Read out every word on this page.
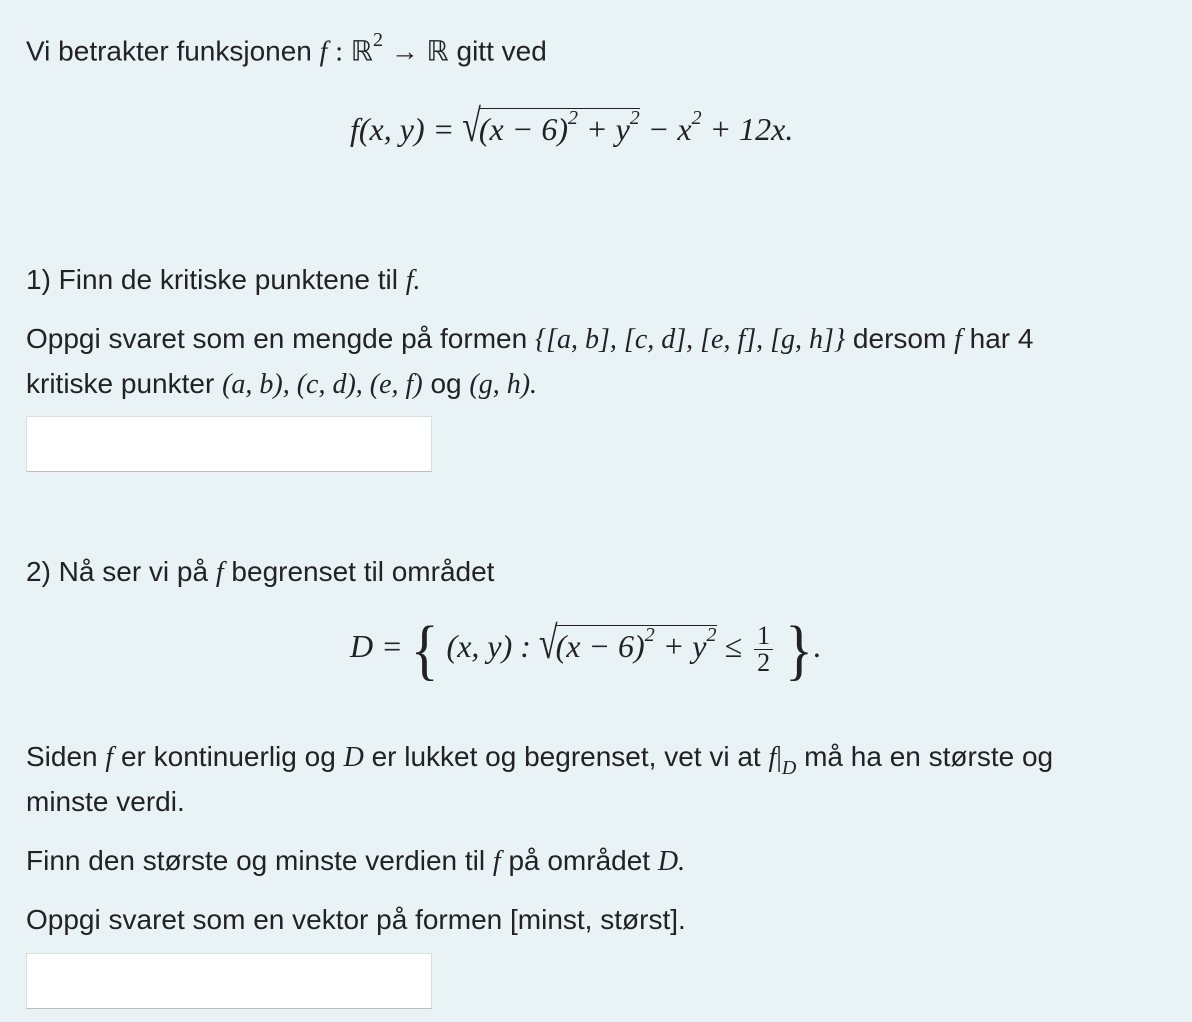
Vi betrakter funksjonen f : ℝ$^2$ → ℝ gitt ved
f(x, $y) = √(x - 6)^2 + y^2 - x^2 + 12x$.
1) Finn de kritiske punktene til f.
Oppgi svaret som en mengde på formen {[a, b], [c, d], [e, f], [g, h]} dersom f har 4
kritiske punkter (a, b), (c, d), (e, f) og (g, h).
2) Nå ser vi på f begrenset til området
D = { (x, y) : $√(x - 6)^2 + y^2 \le \frac{1}{2}$ }.
Siden f er kontinuerlig og D er lukket og begrenset, vet vi at $f|_D$ må ha en største og
minste verdi.
Finn den største og minste verdien til f på området D.
Oppgi svaret som en vektor på formen [minst, størst].
